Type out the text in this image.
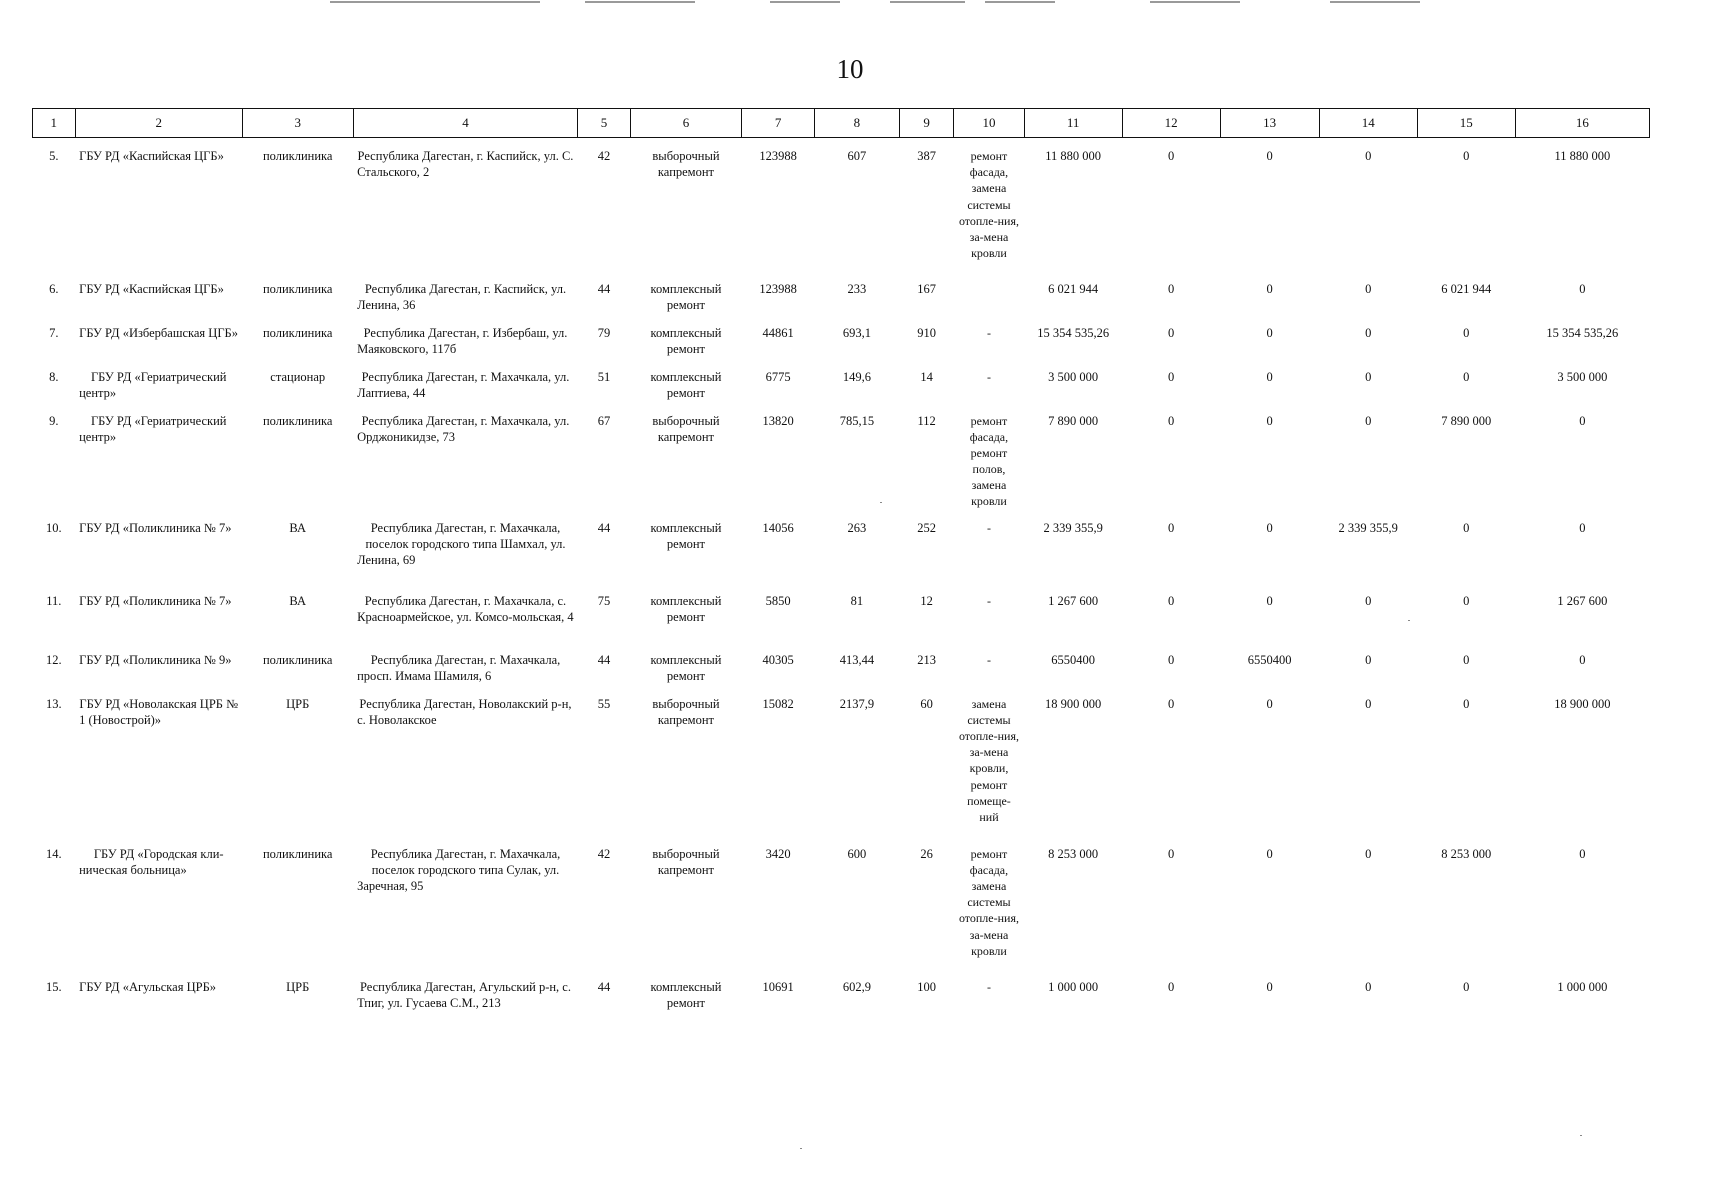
10
1	2	3	4	5	6	7	8	9	10	11	12	13	14	15	16
5.	ГБУ РД «Каспийская ЦГБ»	поликлиника	Республика Дагестан, г. Каспийск, ул. С. Стальского, 2	42	выборочный капремонт	123988	607	387	ремонт фасада, замена системы отопле-ния, за-мена кровли	11 880 000	0	0	0	0	11 880 000
6.	ГБУ РД «Каспийская ЦГБ»	поликлиника	Республика Дагестан, г. Каспийск, ул. Ленина, 36	44	комплексный ремонт	123988	233	167		6 021 944	0	0	0	6 021 944	0
7.	ГБУ РД «Избербашская ЦГБ»	поликлиника	Республика Дагестан, г. Избербаш, ул. Маяковского, 117б	79	комплексный ремонт	44861	693,1	910	-	15 354 535,26	0	0	0	0	15 354 535,26
8.	ГБУ РД «Гериатрический центр»	стационар	Республика Дагестан, г. Махачкала, ул. Лаптиева, 44	51	комплексный ремонт	6775	149,6	14	-	3 500 000	0	0	0	0	3 500 000
9.	ГБУ РД «Гериатрический центр»	поликлиника	Республика Дагестан, г. Махачкала, ул. Орджоникидзе, 73	67	выборочный капремонт	13820	785,15	112	ремонт фасада, ремонт полов, замена кровли	7 890 000	0	0	0	7 890 000	0
10.	ГБУ РД «Поликлиника № 7»	ВА	Республика Дагестан, г. Махачкала, поселок городского типа Шамхал, ул. Ленина, 69	44	комплексный ремонт	14056	263	252	-	2 339 355,9	0	0	2 339 355,9	0	0
11.	ГБУ РД «Поликлиника № 7»	ВА	Республика Дагестан, г. Махачкала, с. Красноармейское, ул. Комсо-мольская, 4	75	комплексный ремонт	5850	81	12	-	1 267 600	0	0	0	0	1 267 600
12.	ГБУ РД «Поликлиника № 9»	поликлиника	Республика Дагестан, г. Махачкала, просп. Имама Шамиля, 6	44	комплексный ремонт	40305	413,44	213	-	6550400	0	6550400	0	0	0
13.	ГБУ РД «Новолакская ЦРБ № 1 (Новострой)»	ЦРБ	Республика Дагестан, Новолакский р-н, с. Новолакское	55	выборочный капремонт	15082	2137,9	60	замена системы отопле-ния, за-мена кровли, ремонт помеще-ний	18 900 000	0	0	0	0	18 900 000
14.	ГБУ РД «Городская кли-ническая больница»	поликлиника	Республика Дагестан, г. Махачкала, поселок городского типа Сулак, ул. Заречная, 95	42	выборочный капремонт	3420	600	26	ремонт фасада, замена системы отопле-ния, за-мена кровли	8 253 000	0	0	0	8 253 000	0
15.	ГБУ РД «Агульская ЦРБ»	ЦРБ	Республика Дагестан, Агульский р-н, с. Тпиг, ул. Гусаева С.М., 213	44	комплексный ремонт	10691	602,9	100	-	1 000 000	0	0	0	0	1 000 000
